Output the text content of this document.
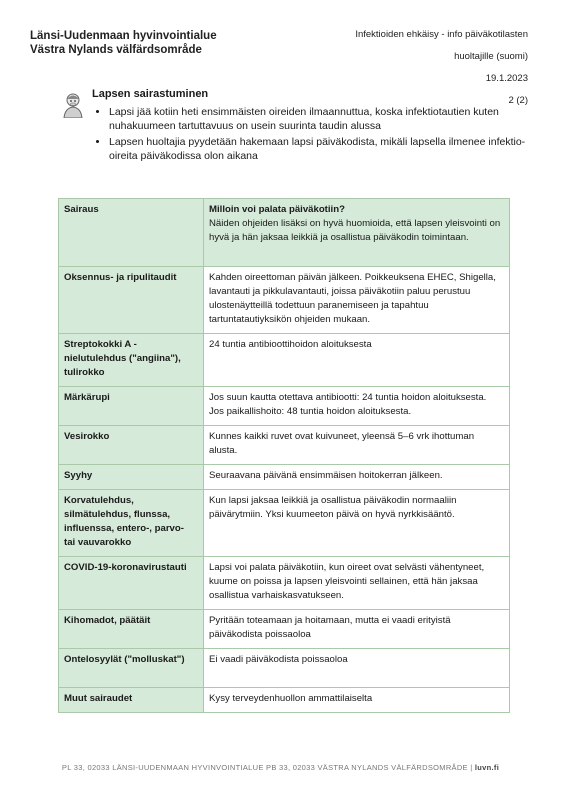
Länsi-Uudenmaan hyvinvointialue
Västra Nylands välfärdsområde
Infektioiden ehkäisy - info päiväkotilasten
huoltajille (suomi)
19.1.2023
2 (2)
Lapsen sairastuminen
• Lapsi jää kotiin heti ensimmäisten oireiden ilmaannuttua, koska infektiotautien kuten nuhakuumeen tartuttavuus on usein suurinta taudin alussa
• Lapsen huoltajia pyydetään hakemaan lapsi päiväkodista, mikäli lapsella ilmenee infektio-oireita päiväkodissa olon aikana
Sairaus	Milloin voi palata päiväkotiin?
Näiden ohjeiden lisäksi on hyvä huomioida, että lapsen yleisvointi on hyvä ja hän jaksaa leikkiä ja osallistua päiväkodin toimintaan.

Oksennus- ja ripulitaudit	Kahden oireettoman päivän jälkeen. Poikkeuksena EHEC, Shigella, lavantauti ja pikkulavantauti, joissa päiväkotiin paluu perustuu ulostenäytteillä todettuun paranemiseen ja tapahtuu tartuntatautiyksikön ohjeiden mukaan.
Streptokokki A -nielutulehdus ("angiina"), tulirokko	24 tuntia antibioottihoidon aloituksesta
Märkärupi	Jos suun kautta otettava antibiootti: 24 tuntia hoidon aloituksesta. Jos paikallishoito: 48 tuntia hoidon aloituksesta.
Vesirokko	Kunnes kaikki ruvet ovat kuivuneet, yleensä 5–6 vrk ihottuman alusta.
Syyhy	Seuraavana päivänä ensimmäisen hoitokerran jälkeen.
Korvatulehdus, silmätulehdus, flunssa, influenssa, entero-, parvo- tai vauvarokko	Kun lapsi jaksaa leikkiä ja osallistua päiväkodin normaaliin päivärytmiin. Yksi kuumeeton päivä on hyvä nyrkkisääntö.
COVID-19-koronavirustauti	Lapsi voi palata päiväkotiin, kun oireet ovat selvästi vähentyneet, kuume on poissa ja lapsen yleisvointi sellainen, että hän jaksaa osallistua varhaiskasvatukseen.
Kihomadot, päätäit	Pyritään toteamaan ja hoitamaan, mutta ei vaadi erityistä päiväkodista poissaoloa
Ontelosyylät ("molluskat")	Ei vaadi päiväkodista poissaoloa
Muut sairaudet	Kysy terveydenhuollon ammattilaiselta
PL 33, 02033 LÄNSI-UUDENMAAN HYVINVOINTIALUE PB 33, 02033 VÄSTRA NYLANDS VÄLFÄRDSOMRÅDE | luvn.fi
